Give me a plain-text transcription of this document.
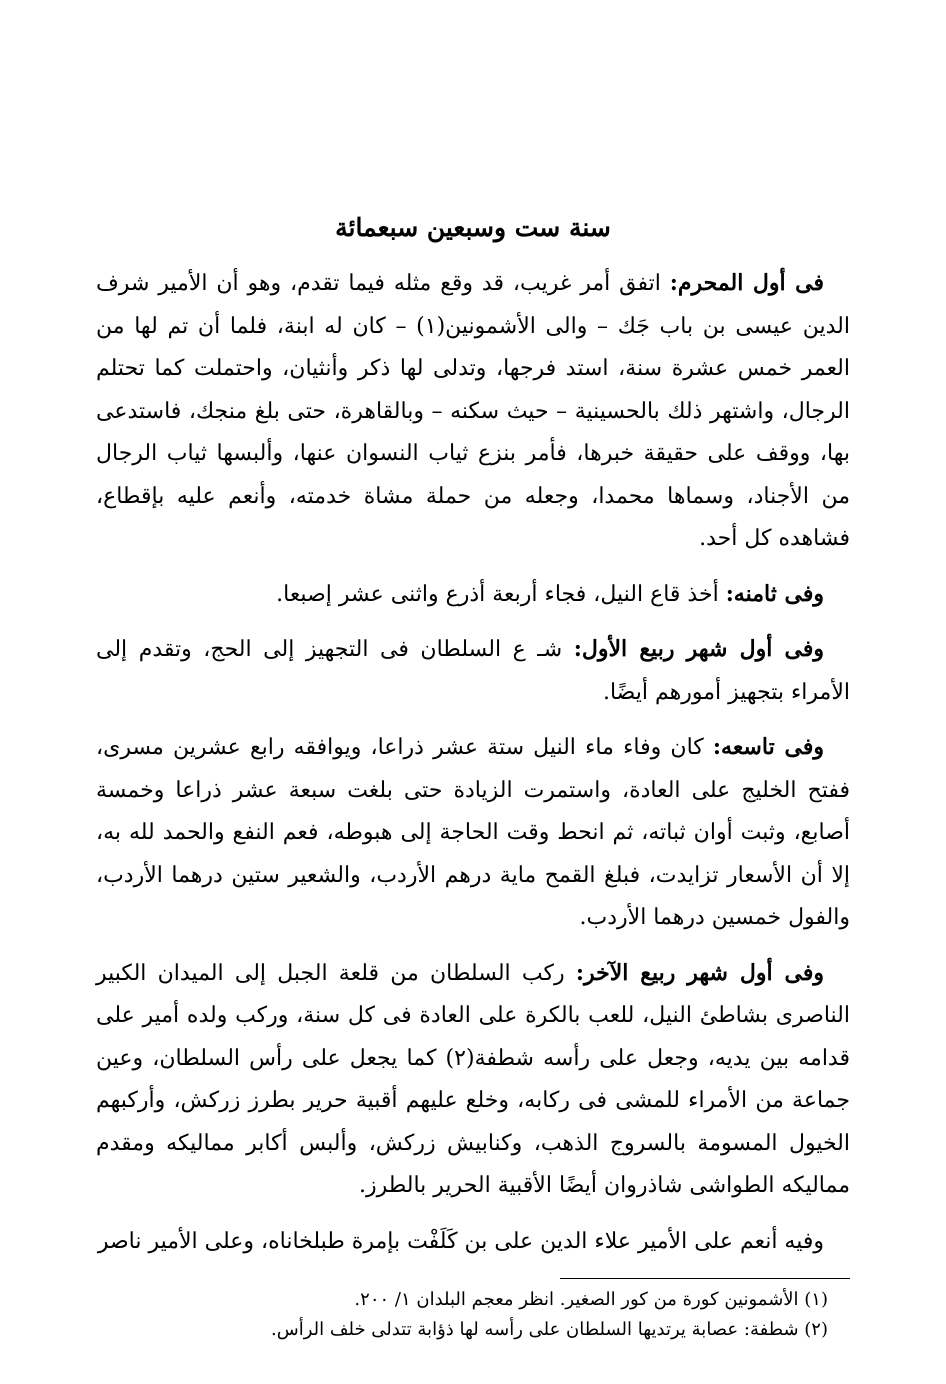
سنة ست وسبعين سبعمائة

فى أول المحرم: اتفق أمر غريب، قد وقع مثله فيما تقدم، وهو أن الأمير شرف الدين عيسى بن باب جَك – والى الأشمونين(١) – كان له ابنة، فلما أن تم لها من العمر خمس عشرة سنة، استد فرجها، وتدلى لها ذكر وأنثيان، واحتملت كما تحتلم الرجال، واشتهر ذلك بالحسينية – حيث سكنه – وبالقاهرة، حتى بلغ منجك، فاستدعى بها، ووقف على حقيقة خبرها، فأمر بنزع ثياب النسوان عنها، وألبسها ثياب الرجال من الأجناد، وسماها محمدا، وجعله من حملة مشاة خدمته، وأنعم عليه بإقطاع، فشاهده كل أحد.

وفى ثامنه: أخذ قاع النيل، فجاء أربعة أذرع واثنى عشر إصبعا.

وفى أول شهر ربيع الأول: شـ ع السلطان فى التجهيز إلى الحج، وتقدم إلى الأمراء بتجهيز أمورهم أيضًا.

وفى تاسعه: كان وفاء ماء النيل ستة عشر ذراعا، ويوافقه رابع عشرين مسرى، ففتح الخليج على العادة، واستمرت الزيادة حتى بلغت سبعة عشر ذراعا وخمسة أصابع، وثبت أوان ثباته، ثم انحط وقت الحاجة إلى هبوطه، فعم النفع والحمد لله به، إلا أن الأسعار تزايدت، فبلغ القمح ماية درهم الأردب، والشعير ستين درهما الأردب، والفول خمسين درهما الأردب.

وفى أول شهر ربيع الآخر: ركب السلطان من قلعة الجبل إلى الميدان الكبير الناصرى بشاطئ النيل، للعب بالكرة على العادة فى كل سنة، وركب ولده أمير على قدامه بين يديه، وجعل على رأسه شطفة(٢) كما يجعل على رأس السلطان، وعين جماعة من الأمراء للمشى فى ركابه، وخلع عليهم أقبية حرير بطرز زركش، وأركبهم الخيول المسومة بالسروج الذهب، وكنابيش زركش، وألبس أكابر مماليكه ومقدم مماليكه الطواشى شاذروان أيضًا الأقبية الحرير بالطرز.

وفيه أنعم على الأمير علاء الدين على بن كَلَفْت بإمرة طبلخاناه، وعلى الأمير ناصر

(١) الأشمونين كورة من كور الصغير. انظر معجم البلدان ١/ ٢٠٠.
(٢) شطفة: عصابة يرتديها السلطان على رأسه لها ذؤابة تتدلى خلف الرأس.
